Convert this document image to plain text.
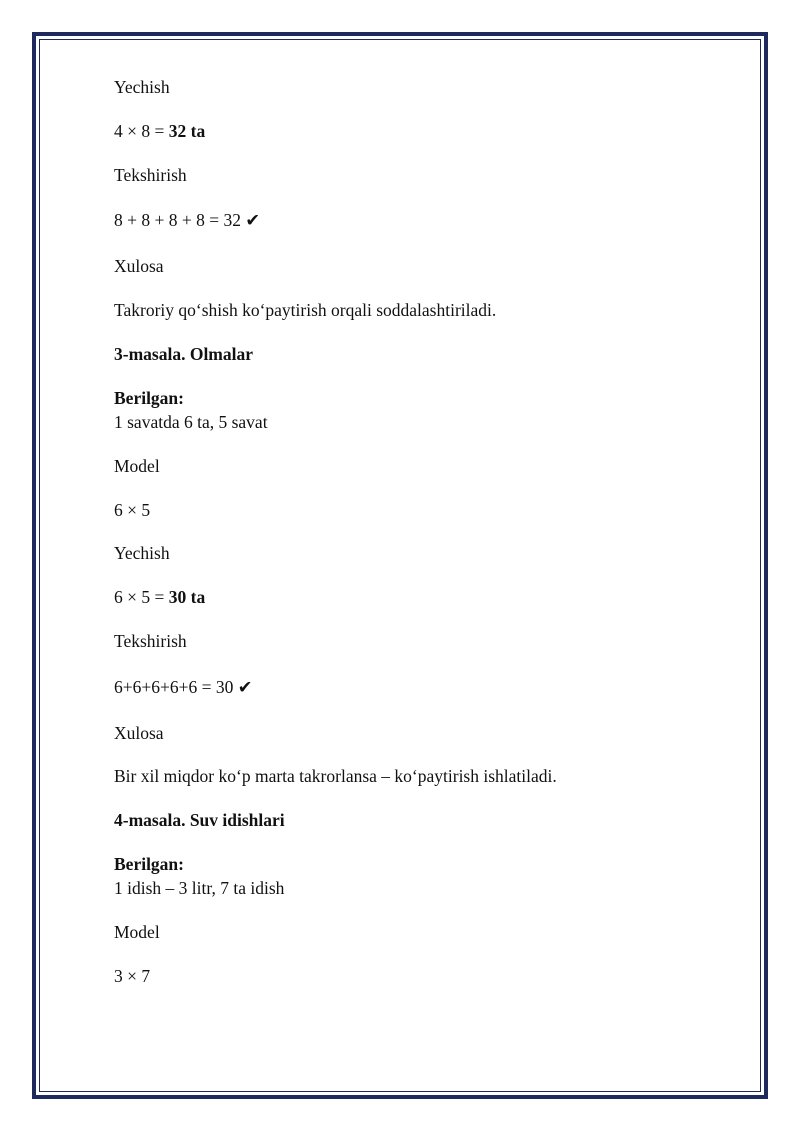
Yechish

4 × 8 = 32 ta

Tekshirish

8 + 8 + 8 + 8 = 32 ✔

Xulosa

Takroriy qo‘shish ko‘paytirish orqali soddalashtiriladi.

3-masala. Olmalar

Berilgan:

1 savatda 6 ta, 5 savat

Model

6 × 5

Yechish

6 × 5 = 30 ta

Tekshirish

6+6+6+6+6 = 30 ✔

Xulosa

Bir xil miqdor ko‘p marta takrorlansa – ko‘paytirish ishlatiladi.

4-masala. Suv idishlari

Berilgan:

1 idish – 3 litr, 7 ta idish

Model

3 × 7
